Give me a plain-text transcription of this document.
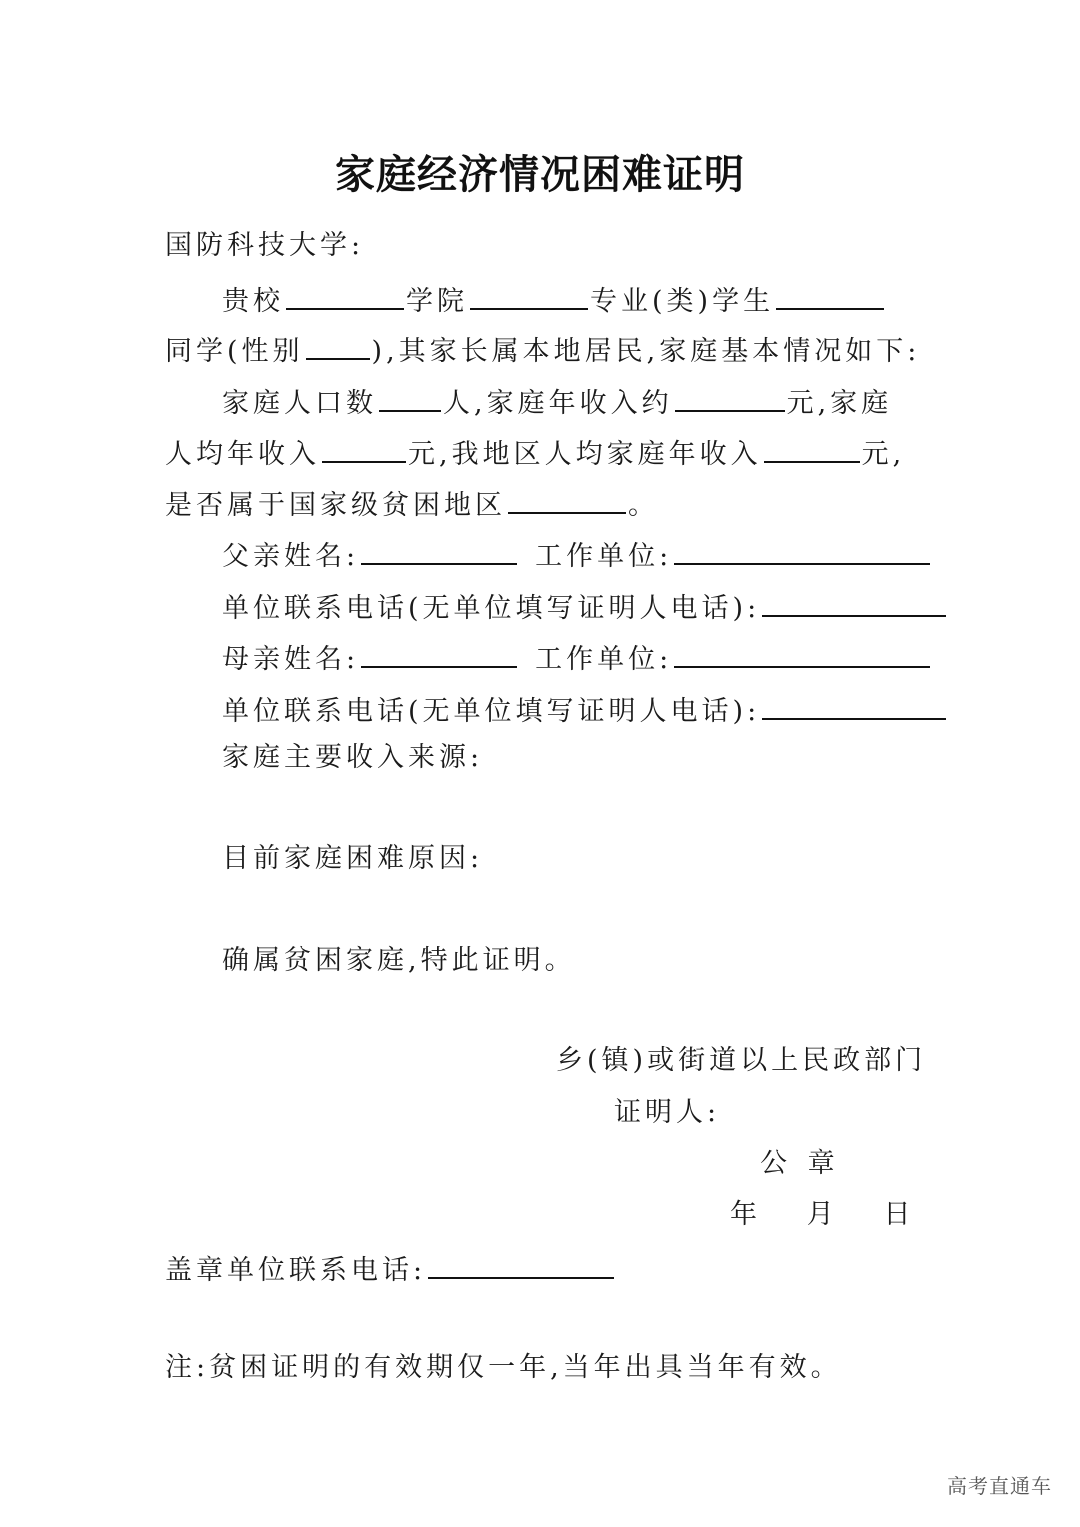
家庭经济情况困难证明
国防科技大学:
贵校	学院	专业(类)学生
同学(性别	),其家长属本地居民,家庭基本情况如下:
家庭人口数 人,家庭年收入约	元,家庭
人均年收入	元,我地区人均家庭年收入	元,
是否属于国家级贫困地区	。
父亲姓名:	工作单位:
单位联系电话(无单位填写证明人电话):
母亲姓名:	工作单位:
单位联系电话(无单位填写证明人电话):
家庭主要收入来源:
目前家庭困难原因:
确属贫困家庭,特此证明。
乡(镇)或街道以上民政部门
证明人:
公 章
年   月   日
盖章单位联系电话:
注:贫困证明的有效期仅一年,当年出具当年有效。
高考直通车
